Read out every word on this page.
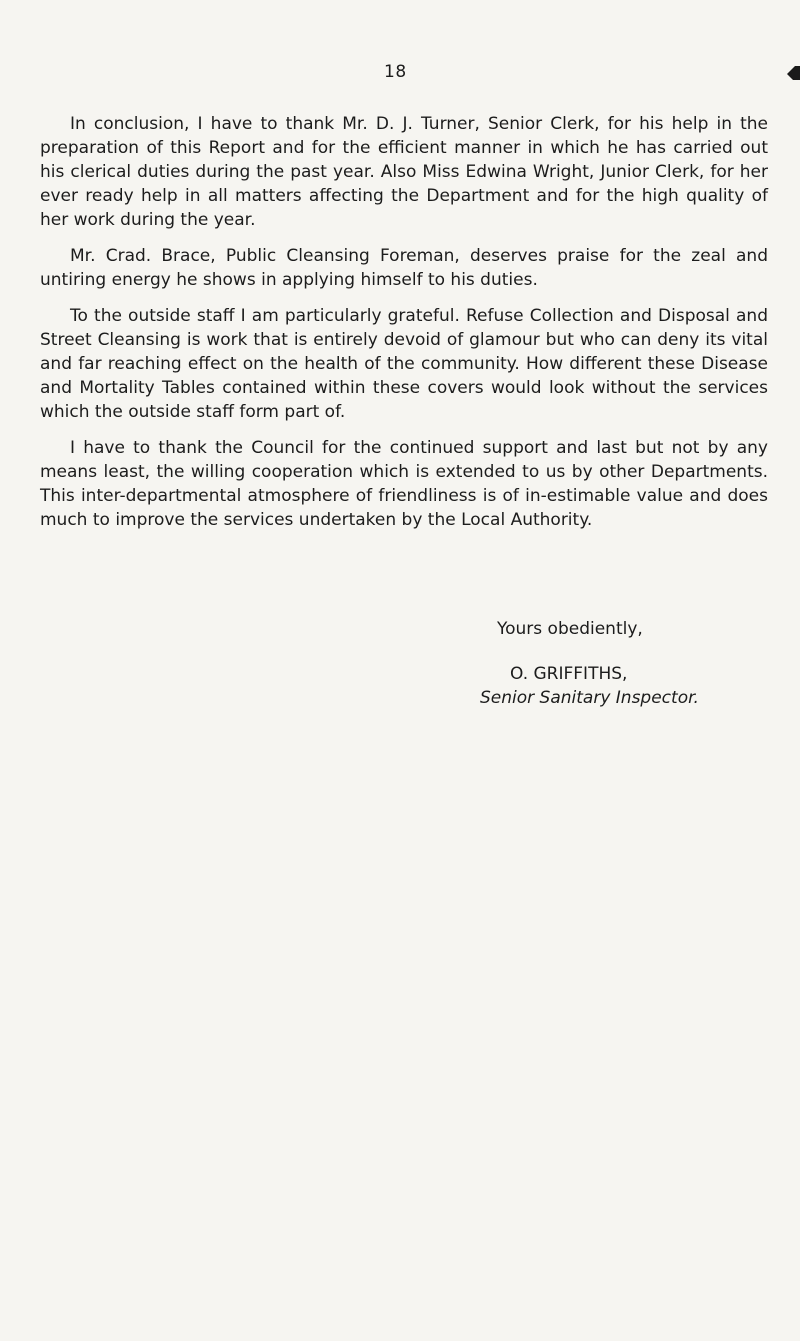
18

In conclusion, I have to thank Mr. D. J. Turner, Senior Clerk, for his help in the preparation of this Report and for the efficient manner in which he has carried out his clerical duties during the past year. Also Miss Edwina Wright, Junior Clerk, for her ever ready help in all matters affecting the Department and for the high quality of her work during the year.

Mr. Crad. Brace, Public Cleansing Foreman, deserves praise for the zeal and untiring energy he shows in applying himself to his duties.

To the outside staff I am particularly grateful. Refuse Collection and Disposal and Street Cleansing is work that is entirely devoid of glamour but who can deny its vital and far reaching effect on the health of the community. How different these Disease and Mortality Tables contained within these covers would look without the services which the outside staff form part of.

I have to thank the Council for the continued support and last but not by any means least, the willing cooperation which is extended to us by other Departments. This inter-departmental atmosphere of friendliness is of in-estimable value and does much to improve the services undertaken by the Local Authority.

Yours obediently,
O. GRIFFITHS,
Senior Sanitary Inspector.
